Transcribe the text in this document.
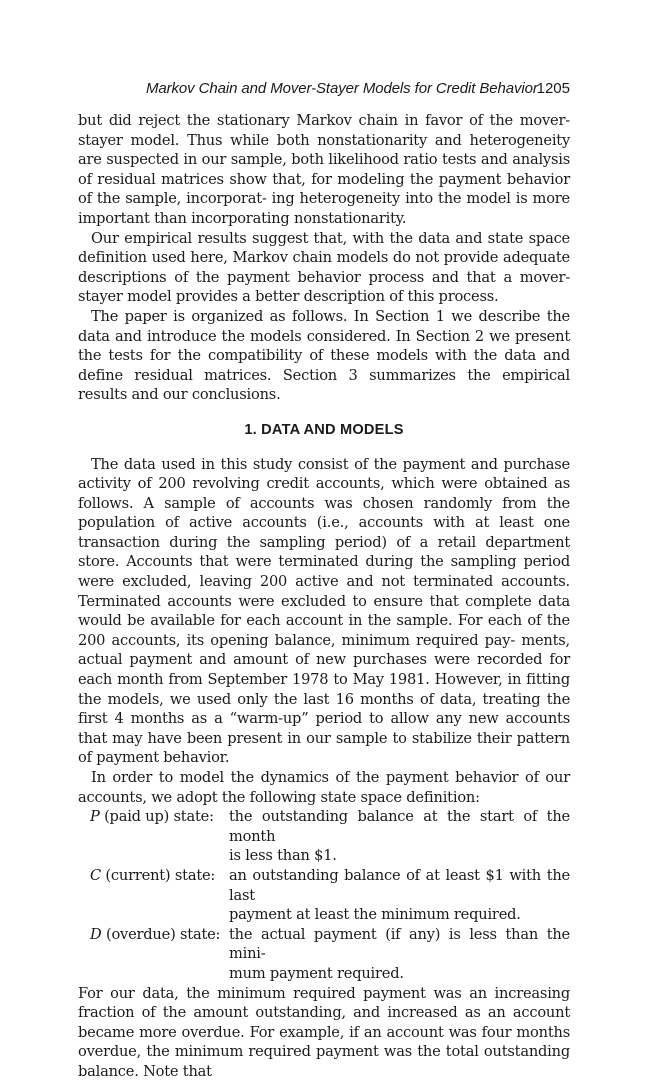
Markov Chain and Mover-Stayer Models for Credit Behavior
1205

but did reject the stationary Markov chain in favor of the mover-stayer model. Thus while both nonstationarity and heterogeneity are suspected in our sample, both likelihood ratio tests and analysis of residual matrices show that, for modeling the payment behavior of the sample, incorporat- ing heterogeneity into the model is more important than incorporating nonstationarity.

Our empirical results suggest that, with the data and state space definition used here, Markov chain models do not provide adequate descriptions of the payment behavior process and that a mover-stayer model provides a better description of this process.

The paper is organized as follows. In Section 1 we describe the data and introduce the models considered. In Section 2 we present the tests for the compatibility of these models with the data and define residual matrices. Section 3 summarizes the empirical results and our conclusions.

1. DATA AND MODELS

The data used in this study consist of the payment and purchase activity of 200 revolving credit accounts, which were obtained as follows. A sample of accounts was chosen randomly from the population of active accounts (i.e., accounts with at least one transaction during the sampling period) of a retail department store. Accounts that were terminated during the sampling period were excluded, leaving 200 active and not terminated accounts. Terminated accounts were excluded to ensure that complete data would be available for each account in the sample. For each of the 200 accounts, its opening balance, minimum required pay- ments, actual payment and amount of new purchases were recorded for each month from September 1978 to May 1981. However, in fitting the models, we used only the last 16 months of data, treating the first 4 months as a “warm-up” period to allow any new accounts that may have been present in our sample to stabilize their pattern of payment behavior.

In order to model the dynamics of the payment behavior of our accounts, we adopt the following state space definition:

P (paid up) state:	the outstanding balance at the start of the month
is less than $1.
C (current) state: an outstanding balance of at least $1 with the last
payment at least the minimum required.
D (overdue) state: the actual payment (if any) is less than the mini-
mum payment required.

For our data, the minimum required payment was an increasing fraction of the amount outstanding, and increased as an account became more overdue. For example, if an account was four months overdue, the minimum required payment was the total outstanding balance. Note that
